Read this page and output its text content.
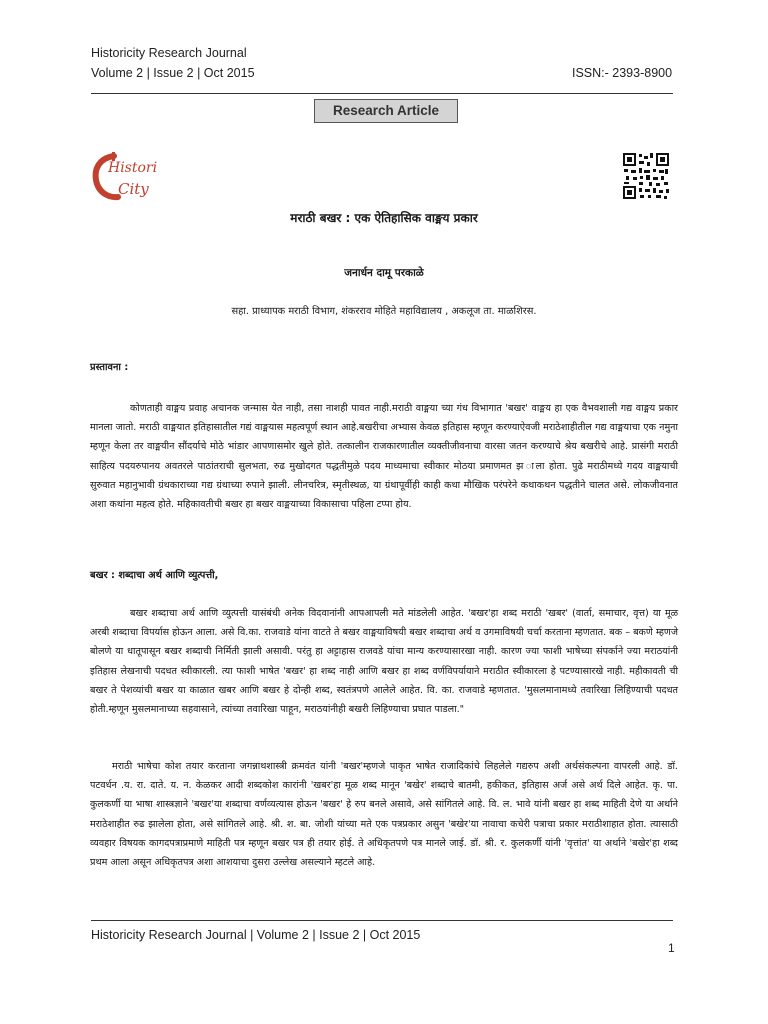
Historicity Research Journal
Volume 2 | Issue 2 | Oct 2015	ISSN:- 2393-8900
Research Article
Histori
City
मराठी बखर : एक ऐतिहासिक वाङ्मय प्रकार
जनार्धन दामू परकाळे
सहा. प्राध्यापक मराठी विभाग, शंकरराव मोहिते महाविद्यालय , अकलूज ता. माळशिरस.

प्रस्तावना :

कोणताही वाङ्मय प्रवाह अचानक जन्मास येत नाही, तसा नाशही पावत नाही.मराठी वाङ्मया च्या गंध विभागात 'बखर' वाङ्मय हा एक वैभवशाली गद्य वाङ्मय प्रकार मानला जातो. मराठी वाङ्मयात इतिहासातील गद्यं वाङ्मयास महत्वपूर्ण स्थान आहे.बखरीचा अभ्यास केवळ इतिहास म्हणून करण्याऐवजी मराठेशाहीतील गद्य वाङ्मयाचा एक नमुना म्हणून केला तर वाङ्मयीन सौंदर्याचे मोठे भांडार आपणासमोर खुले होते. तत्कालीन राजकारणातील व्यक्तीजीवनाचा वारसा जतन करण्याचे श्रेय बखरीचे आहे. प्रासंगी मराठी साहित्य पदयरुपानय अवतरले पाठांतराची सुलभता, रुढ मुखोदगत पद्धतीमुळे पदय माध्यमाचा स्वीकार मोठया प्रमाणमत झ ाला होता. पुढे मराठीमध्ये गदय वाङ्मयाची सुरुवात महानुभावी ग्रंथकाराच्या गद्य ग्रंथाच्या रुपाने झाली. लीनचरित्र, स्मृतीस्थळ, या ग्रंथापूर्वीही काही कथा मौखिक परंपरेने कथाकथन पद्धतीने चालत असे. लोकजीवनात अशा कथांना महत्व होते. महिकावतीची बखर हा बखर वाङ्मयाच्या विकासाचा पहिला टप्पा होय.

बखर : शब्दाचा अर्थ आणि व्युत्पत्ती,

बखर शब्दाचा अर्थ आणि व्युत्पत्ती यासंबंधी अनेक विदवानांनी आपआपली मते मांडलेली आहेत. 'बखर'हा शब्द मराठी 'खबर' (वार्ता, समाचार, वृत्त) या मूळ अरबी शब्दाचा विपर्यास होऊन आला. असे वि.का. राजवाडे यांना वाटते ते बखर वाङ्मयाविषयी बखर शब्दाचा अर्थ व उगमाविषयी चर्चा करताना म्हणतात. बक – बकणे म्हणजे बोलणे या धातूपासून बखर शब्दाची निर्मिती झाली असावी. परंतु हा अट्टाहास राजवडे यांचा मान्य करण्यासारखा नाही. कारण ज्या फाशी भाषेच्या संपर्काने ज्या मराठयांनी इतिहास लेखनाची पदधत स्वीकारली. त्या फाशी भाषेत 'बखर' हा शब्द नाही आणि बखर हा शब्द वर्णविपर्यायाने मराठीत स्वीकारला हे पटण्यासारखे नाही. महीकावती ची बखर ते पेशव्यांची बखर या काळात खबर आणि बखर हे दोन्ही शब्द, स्वतंत्रपणे आलेले आहेत. वि. का. राजवाडे म्हणतात. 'मुसलमानामध्ये तवारिखा लिहिण्याची पदधत होती.म्हणून मुसलमानाच्या सहवासाने, त्यांच्या तवारिखा पाहून, मराठयांनीही बखरी लिहिण्याचा प्रघात पाडला."

मराठी भाषेचा कोश तयार करताना जगन्नाथशास्त्री क्रमवंत यांनी 'बखर'म्हणजे पाकृत भाषेत राजादिकांचे लिहलेले गद्यरुप अशी अर्थसंकल्पना वापरली आहे. डॉ. पटवर्धन .य. रा. दाते. य. न. केळकर आदी शब्दकोश कारांनी 'खबर'हा मूळ शब्द मानून 'बखेर' शब्दाचे बातमी, हकीकत, इतिहास अर्ज असे अर्थ दिले आहेत. कृ. पा. कुलकर्णी या भाषा शास्त्रज्ञाने 'बखर'या शब्दाचा वर्णव्यत्यास होऊन 'बखर' हे रुप बनले असावे, असे सांगितले आहे. वि. ल. भावे यांनी बखर हा शब्द माहिती देणे या अर्थाने मराठेशाहीत रुढ झालेला होता, असे सांगितले आहे. श्री. श. बा. जोशी यांच्या मते एक पत्रप्रकार असुन 'बखेर'या नावाचा कचेरी पत्राचा प्रकार मराठीशाहात होता. त्यासाठी व्यवहार विषयक कागदपत्राप्रमाणे माहिती पत्र म्हणून बखर पत्र ही तयार होई. ते अधिकृतपणे पत्र मानले जाई. डॉ. श्री. र. कुलकर्णी यांनी 'वृत्तांत' या अर्थाने 'बखेर'हा शब्द प्रथम आला असून अधिकृतपत्र अशा आशयाचा दुसरा उल्लेख असल्याने म्हटले आहे.

Historicity Research Journal | Volume 2 | Issue 2 | Oct 2015
1
